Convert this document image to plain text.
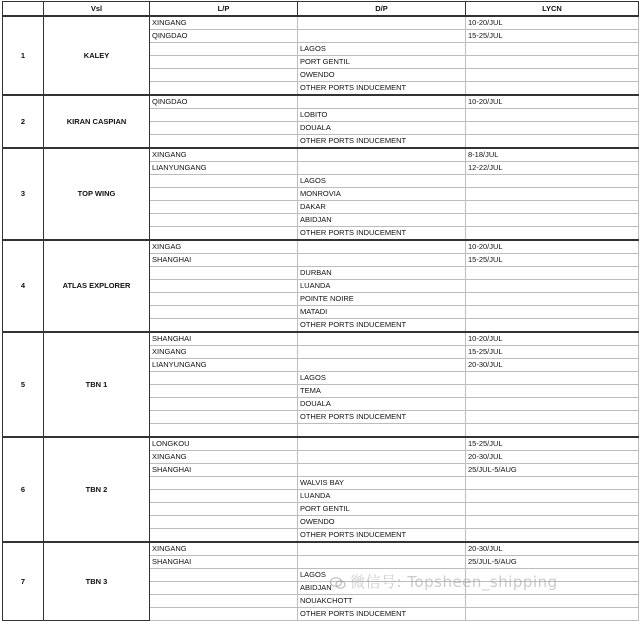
	Vsl	L/P	D/P	LYCN
1	KALEY	XINGANG		10-20/JUL
		QINGDAO		15-25/JUL
			LAGOS	
			PORT GENTIL	
			OWENDO	
			OTHER PORTS INDUCEMENT	
2	KIRAN CASPIAN	QINGDAO		10-20/JUL
			LOBITO	
			DOUALA	
			OTHER PORTS INDUCEMENT	
3	TOP WING	XINGANG		8-18/JUL
		LIANYUNGANG		12-22/JUL
			LAGOS	
			MONROVIA	
			DAKAR	
			ABIDJAN	
			OTHER PORTS INDUCEMENT	
4	ATLAS EXPLORER	XINGAG		10-20/JUL
		SHANGHAI		15-25/JUL
			DURBAN	
			LUANDA	
			POINTE NOIRE	
			MATADI	
			OTHER PORTS INDUCEMENT	
5	TBN 1	SHANGHAI		10-20/JUL
		XINGANG		15-25/JUL
		LIANYUNGANG		20-30/JUL
			LAGOS	
			TEMA	
			DOUALA	
			OTHER PORTS INDUCEMENT	

6	TBN 2	LONGKOU		15-25/JUL
		XINGANG		20-30/JUL
		SHANGHAI		25/JUL-5/AUG
			WALVIS BAY	
			LUANDA	
			PORT GENTIL	
			OWENDO	
			OTHER PORTS INDUCEMENT	
7	TBN 3	XINGANG		20-30/JUL
		SHANGHAI		25/JUL-5/AUG
			LAGOS	
			ABIDJAN	
			NOUAKCHOTT	
			OTHER PORTS INDUCEMENT	
微信号: Topsheen_shipping
